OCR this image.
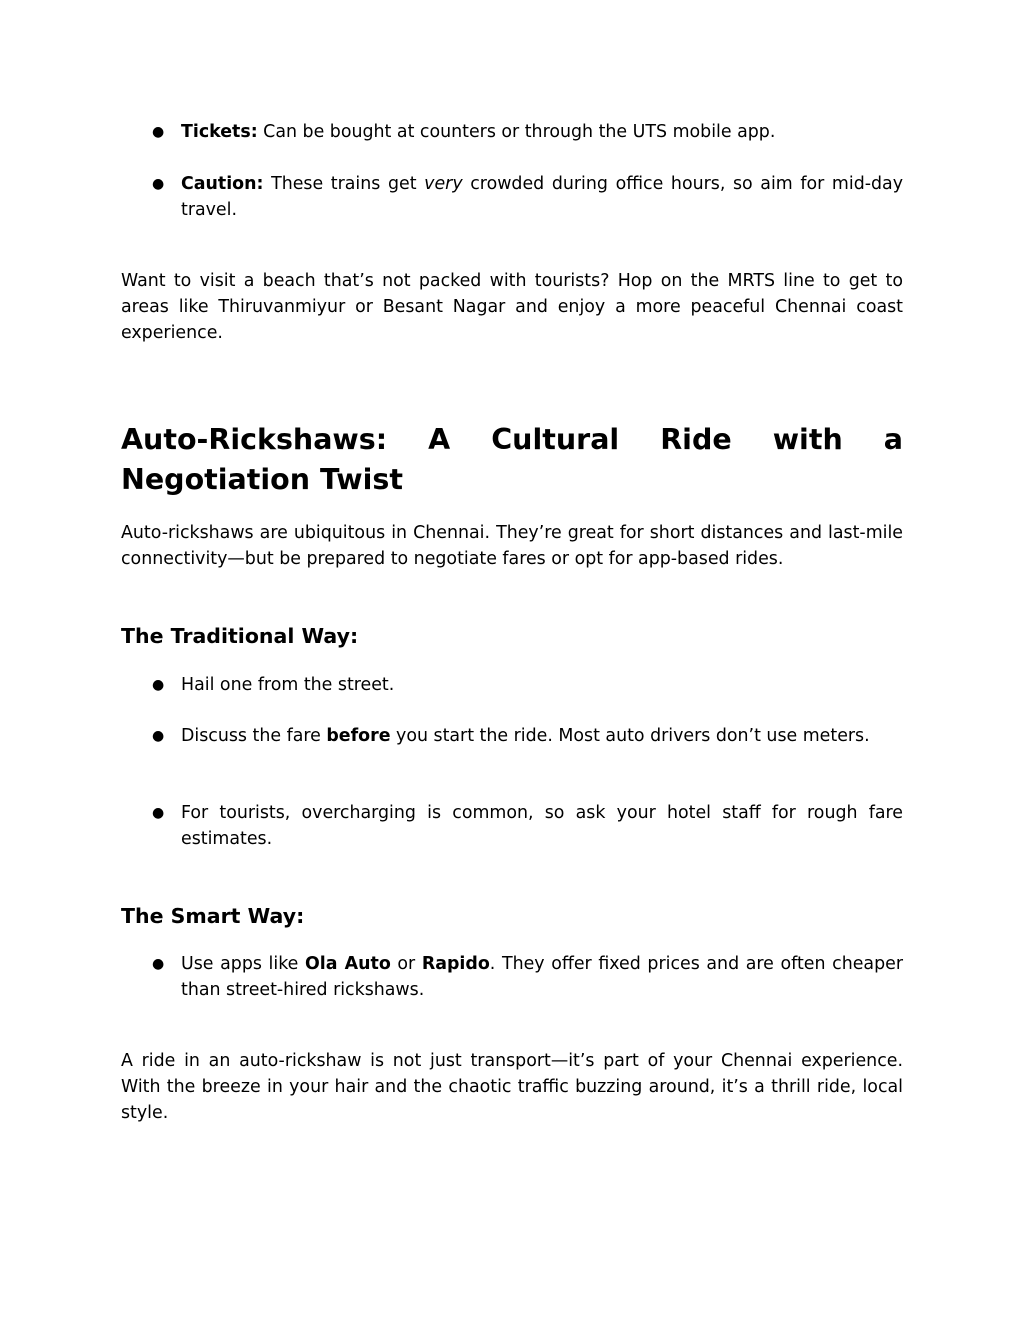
● Tickets: Can be bought at counters or through the UTS mobile app.
● Caution: These trains get very crowded during office hours, so aim for mid-day travel.

Want to visit a beach that’s not packed with tourists? Hop on the MRTS line to get to areas like Thiruvanmiyur or Besant Nagar and enjoy a more peaceful Chennai coast experience.

Auto-Rickshaws: A Cultural Ride with a
Negotiation Twist

Auto-rickshaws are ubiquitous in Chennai. They’re great for short distances and last-mile connectivity—but be prepared to negotiate fares or opt for app-based rides.

The Traditional Way:
● Hail one from the street.
● Discuss the fare before you start the ride. Most auto drivers don’t use meters.
● For tourists, overcharging is common, so ask your hotel staff for rough fare estimates.
The Smart Way:
● Use apps like Ola Auto or Rapido. They offer fixed prices and are often cheaper than street-hired rickshaws.

A ride in an auto-rickshaw is not just transport—it’s part of your Chennai experience. With the breeze in your hair and the chaotic traffic buzzing around, it’s a thrill ride, local style.
